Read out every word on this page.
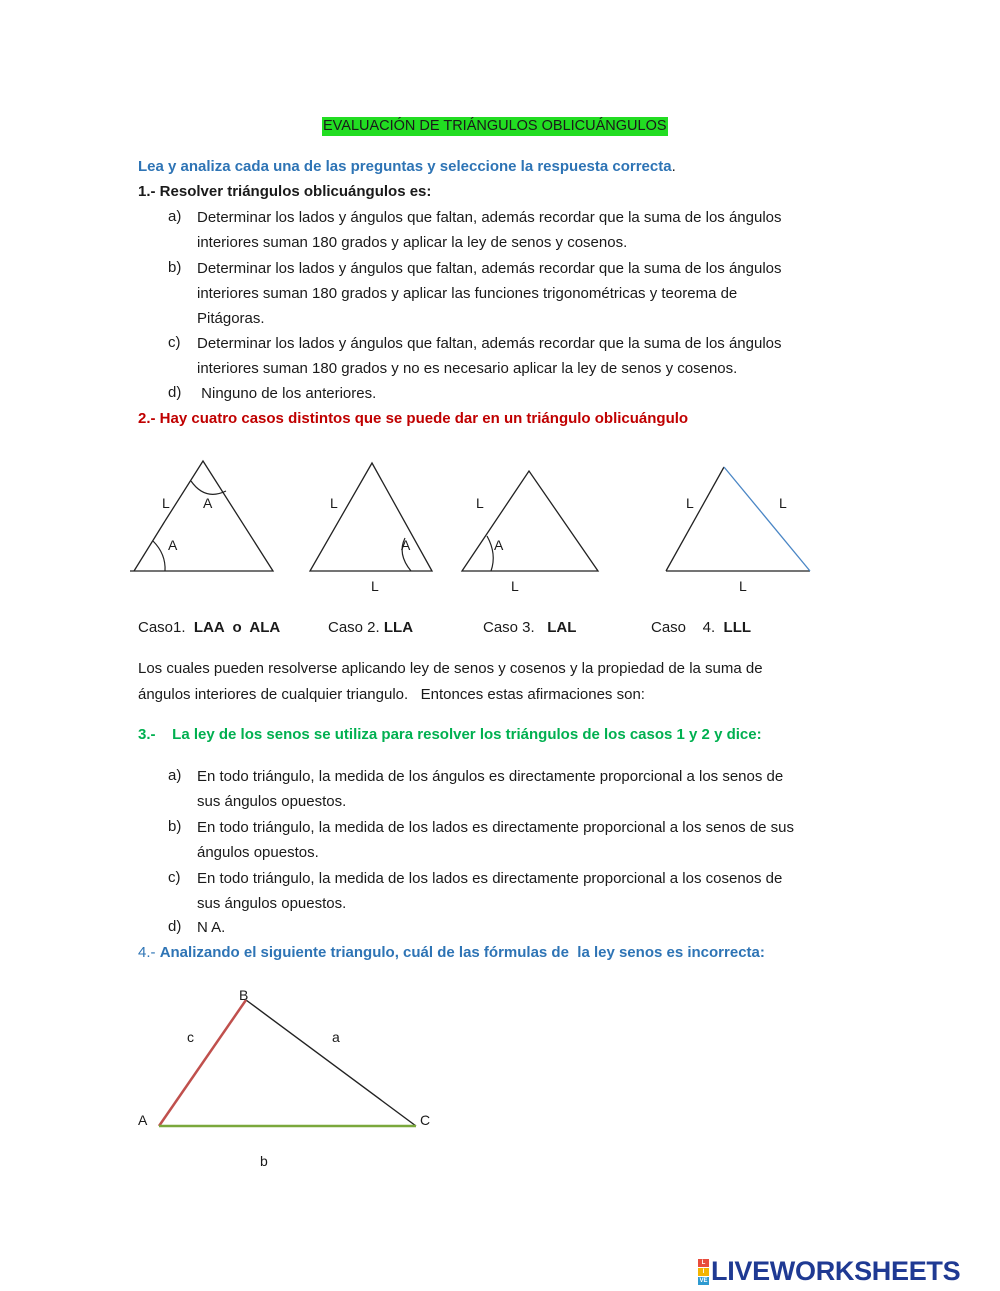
EVALUACIÓN DE TRIÁNGULOS OBLICUÁNGULOS
Lea y analiza cada una de las preguntas y seleccione la respuesta correcta.
1.- Resolver triángulos oblicuángulos es:
a) Determinar los lados y ángulos que faltan, además recordar que la suma de los ángulos
interiores suman 180 grados y aplicar la ley de senos y cosenos.
b) Determinar los lados y ángulos que faltan, además recordar que la suma de los ángulos
interiores suman 180 grados y aplicar las funciones trigonométricas y teorema de
Pitágoras.
c) Determinar los lados y ángulos que faltan, además recordar que la suma de los ángulos
interiores suman 180 grados y no es necesario aplicar la ley de senos y cosenos.
d) Ninguno de los anteriores.
2.- Hay cuatro casos distintos que se puede dar en un triángulo oblicuángulo
L A
A
L
A
L
L
A
L
L	L
L
Caso1.  LAA  o  ALA	Caso 2. LLA	Caso 3.   LAL	Caso    4.  LLL
Los cuales pueden resolverse aplicando ley de senos y cosenos y la propiedad de la suma de
ángulos interiores de cualquier triangulo.   Entonces estas afirmaciones son:
3.-    La ley de los senos se utiliza para resolver los triángulos de los casos 1 y 2 y dice:
a) En todo triángulo, la medida de los ángulos es directamente proporcional a los senos de
sus ángulos opuestos.
b) En todo triángulo, la medida de los lados es directamente proporcional a los senos de sus
ángulos opuestos.
c) En todo triángulo, la medida de los lados es directamente proporcional a los cosenos de
sus ángulos opuestos.
d) N A.
4.- Analizando el siguiente triangulo, cuál de las fórmulas de  la ley senos es incorrecta:
B
A	C
c	a
b
L
I
VE LIVEWORKSHEETS
